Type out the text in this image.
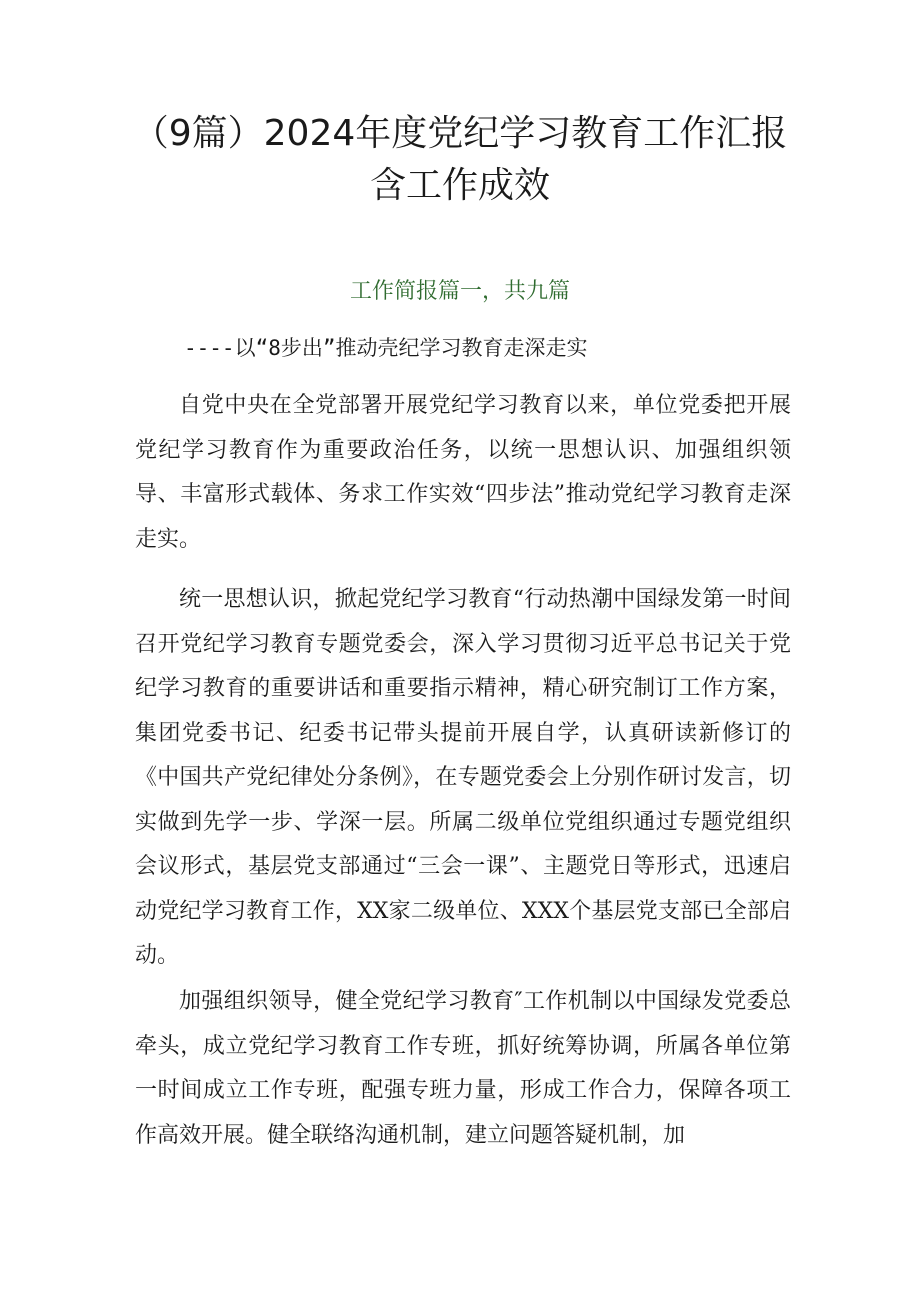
（9篇）2024年度党纪学习教育工作汇报
含工作成效
工作简报篇一，共九篇
----以“8步出”推动壳纪学习教育走深走实

自党中央在全党部署开展党纪学习教育以来，单位党委把开展党纪学习教育作为重要政治任务，以统一思想认识、加强组织领导、丰富形式载体、务求工作实效“四步法”推动党纪学习教育走深走实。

统一思想认识，掀起党纪学习教育“行动热潮中国绿发第一时间召开党纪学习教育专题党委会，深入学习贯彻习近平总书记关于党纪学习教育的重要讲话和重要指示精神，精心研究制订工作方案，集团党委书记、纪委书记带头提前开展自学，认真研读新修订的《中国共产党纪律处分条例》，在专题党委会上分别作研讨发言，切实做到先学一步、学深一层。所属二级单位党组织通过专题党组织会议形式，基层党支部通过“三会一课”、主题党日等形式，迅速启动党纪学习教育工作，XX家二级单位、XXX个基层党支部已全部启动。

加强组织领导，健全党纪学习教育″工作机制以中国绿发党委总牵头，成立党纪学习教育工作专班，抓好统筹协调，所属各单位第一时间成立工作专班，配强专班力量，形成工作合力，保障各项工作高效开展。健全联络沟通机制，建立问题答疑机制，加
